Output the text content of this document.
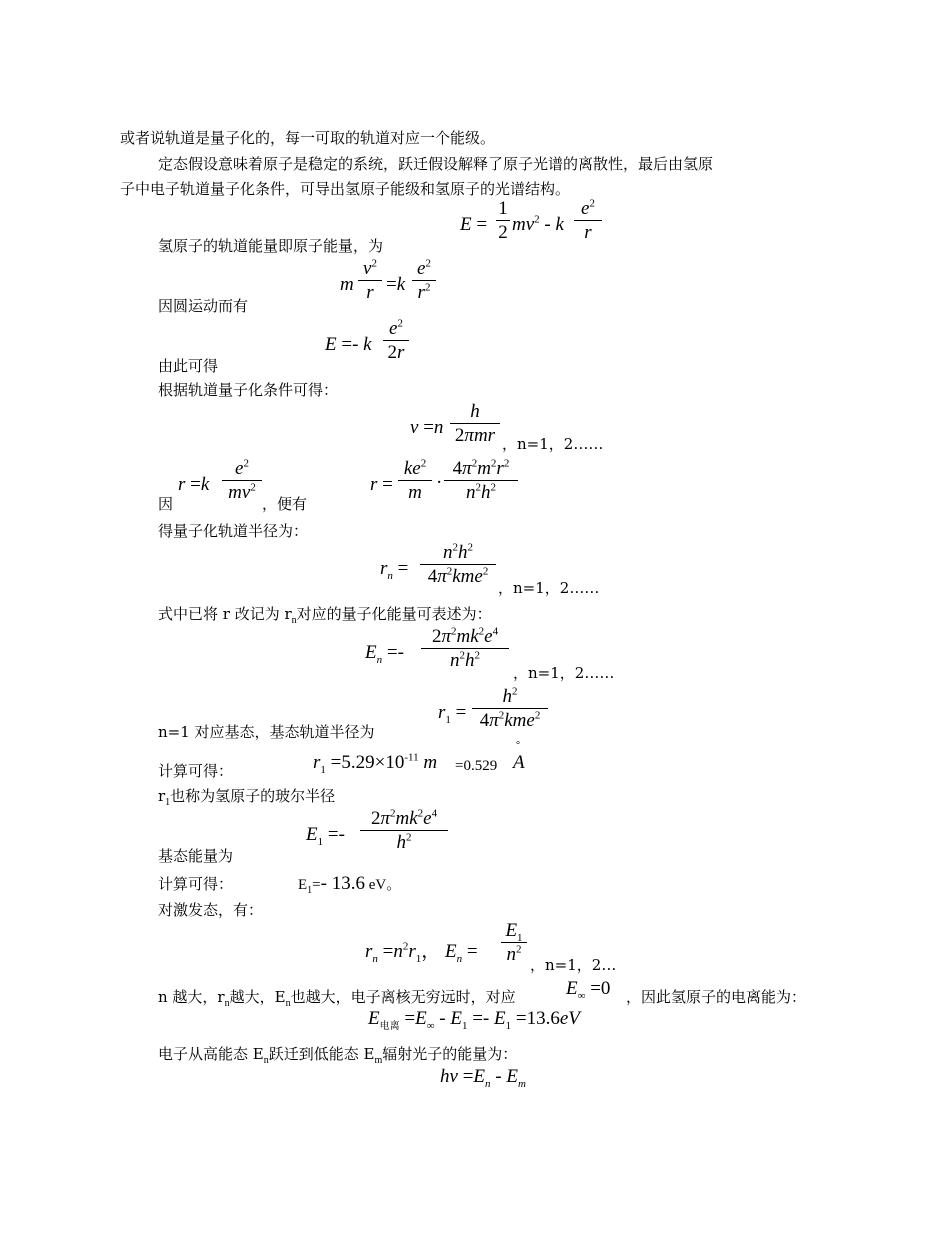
或者说轨道是量子化的，每一可取的轨道对应一个能级。
定态假设意味着原子是稳定的系统，跃迁假设解释了原子光谱的离散性，最后由氢原
子中电子轨道量子化条件，可导出氢原子能级和氢原子的光谱结构。
$E = \frac{1}{2} mv^2 - k \frac{e^2}{r}$
氢原子的轨道能量即原子能量，为
m $\frac{v^2}{r} =k \frac{e^2}{r^2}$
因圆运动而有
E =- k $\frac{e^2}{2r}$
由此可得
根据轨道量子化条件可得：
v =n
h
2πmr ，n=1，2……
$r =k \frac{e^2}{mv^2}$
因	，便有
$r = \frac{ke^2}{m} \cdot \frac{4\pi^2m^2r^2}{n^2h^2}$
得量子化轨道半径为：
$r_n$ =
$n^2h^2$
$4\pi^2kme^2$
，n=1，2……
式中已将 r 改记为 $r_n$对应的量子化能量可表述为：
$E_n =- \frac{2\pi^2mk^2e^4}{n^2h^2}$ ，n=1，2……
$r_1$ =
$h^2$
$4\pi^2kme^2$
n=1 对应基态，基态轨道半径为
$r_1 =5.29\times 10^{-11}$ m =0.529 A
°
计算可得：
$r_1$也称为氢原子的玻尔半径
$E_1 =- \frac{2\pi^2mk^2e^4}{h^2}$
基态能量为
计算可得：	$E_1=-$ 13.6 eV。
对激发态，有：
$r_n =n^2r_1$， $E_n = \frac{E_1}{n^2}$ ，n=1，2…
n 越大，$r_n$越大，$E_n$也越大，电子离核无穷远时，对应	$E_\infty =0$	，因此氢原子的电离能为：
$E_{电离} =E_\infty - E_1 =- E_1 =13.6eV$
电子从高能态 $E_n$跃迁到低能态 $E_m$辐射光子的能量为：
hv $=E_n - E_m$
